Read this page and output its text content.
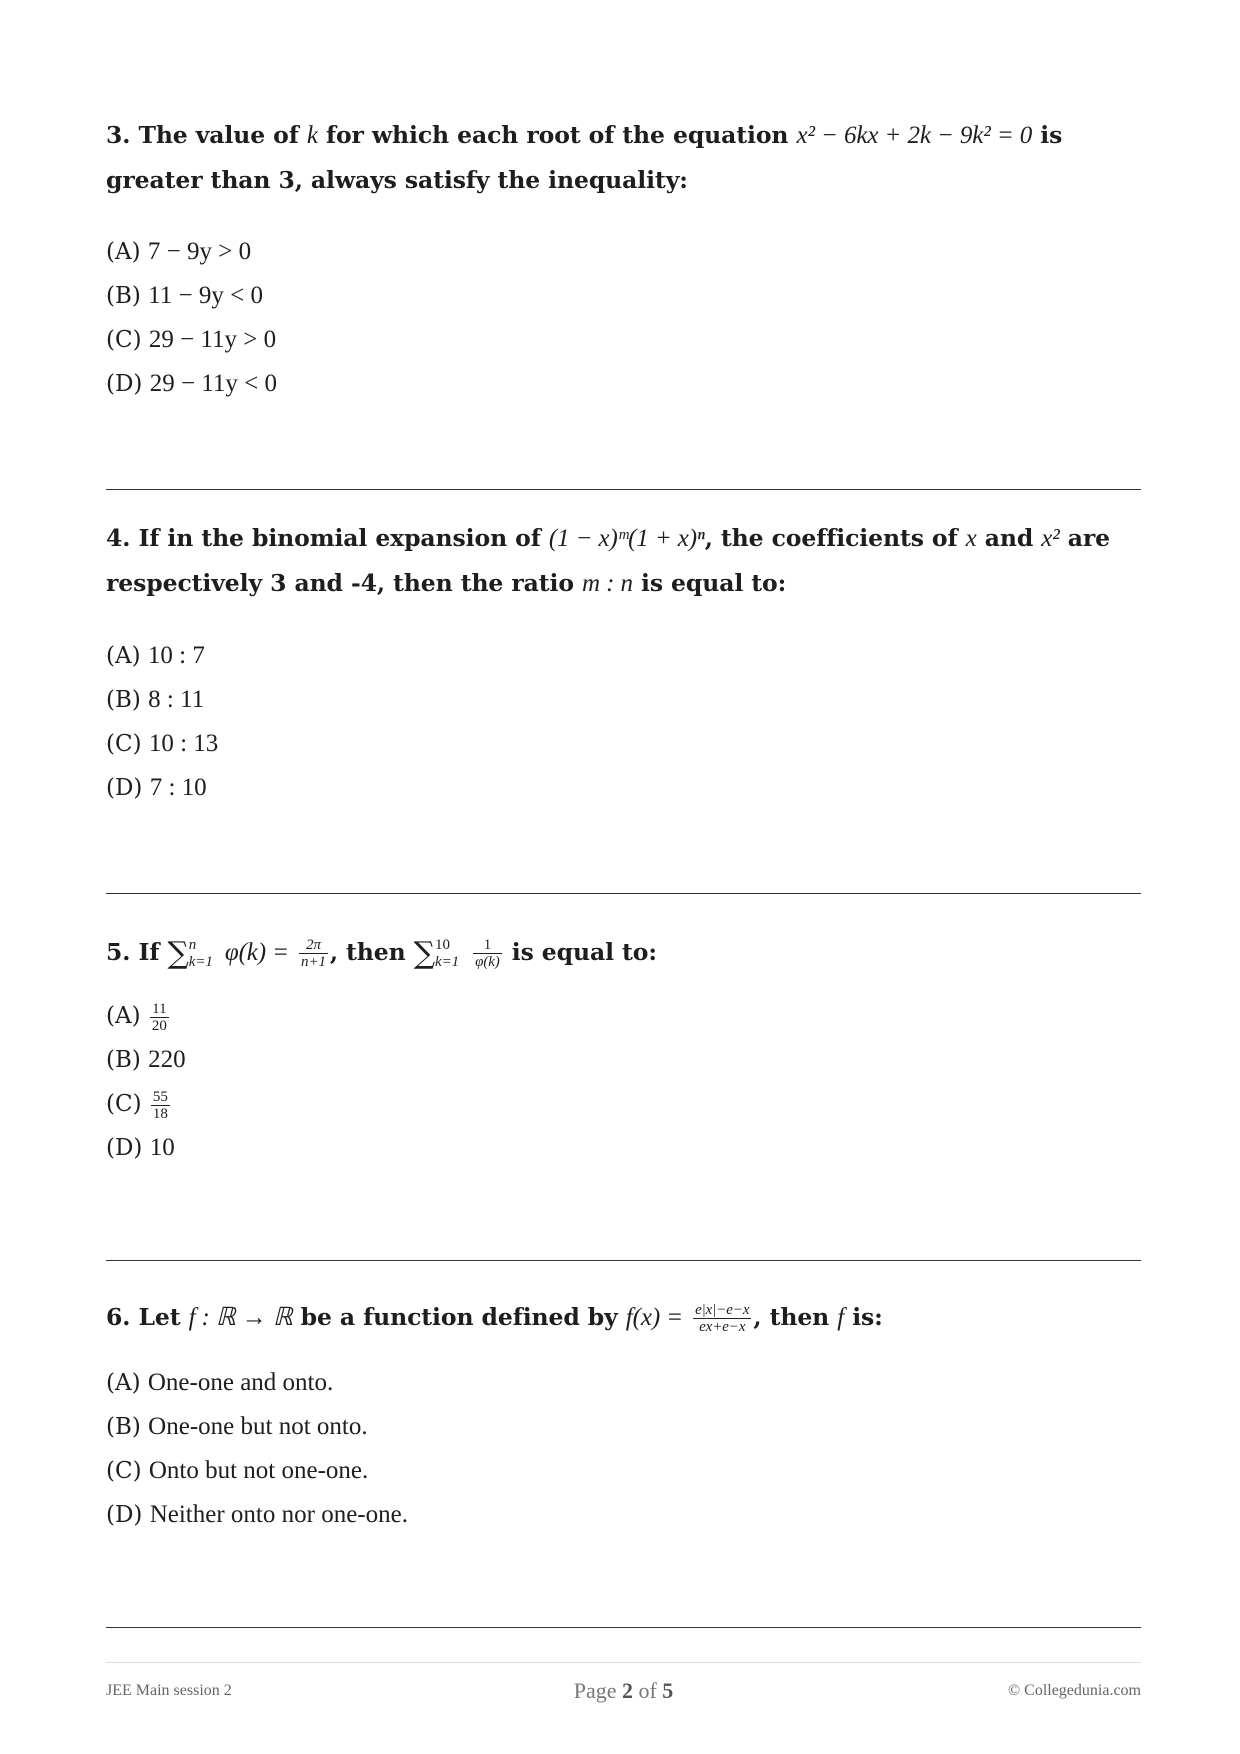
3. The value of k for which each root of the equation x² − 6kx + 2k − 9k² = 0 is greater than 3, always satisfy the inequality:
(A) 7 − 9y > 0
(B) 11 − 9y < 0
(C) 29 − 11y > 0
(D) 29 − 11y < 0
4. If in the binomial expansion of (1 − x)ᵐ(1 + x)ⁿ, the coefficients of x and x² are respectively 3 and -4, then the ratio m : n is equal to:
(A) 10 : 7
(B) 8 : 11
(C) 10 : 13
(D) 7 : 10
5. If ∑ n
k=1 $\varphi(k) = \frac{2\pi}{n+1}$ , then ∑ 10
k=1
$\frac{1}{\varphi(k)}$ is equal to:
$(A) \frac{11}{20}$
(B) 220
$(C) \frac{55}{18}$
(D) 10
6. Let f : ℝ → ℝ be a function defined by $f(x) = \frac{e|x|-e-x}{ex+e-x}$ , then f is:
(A) One-one and onto.
(B) One-one but not onto.
(C) Onto but not one-one.
(D) Neither onto nor one-one.
JEE Main session 2	Page 2 of 5	© Collegedunia.com
